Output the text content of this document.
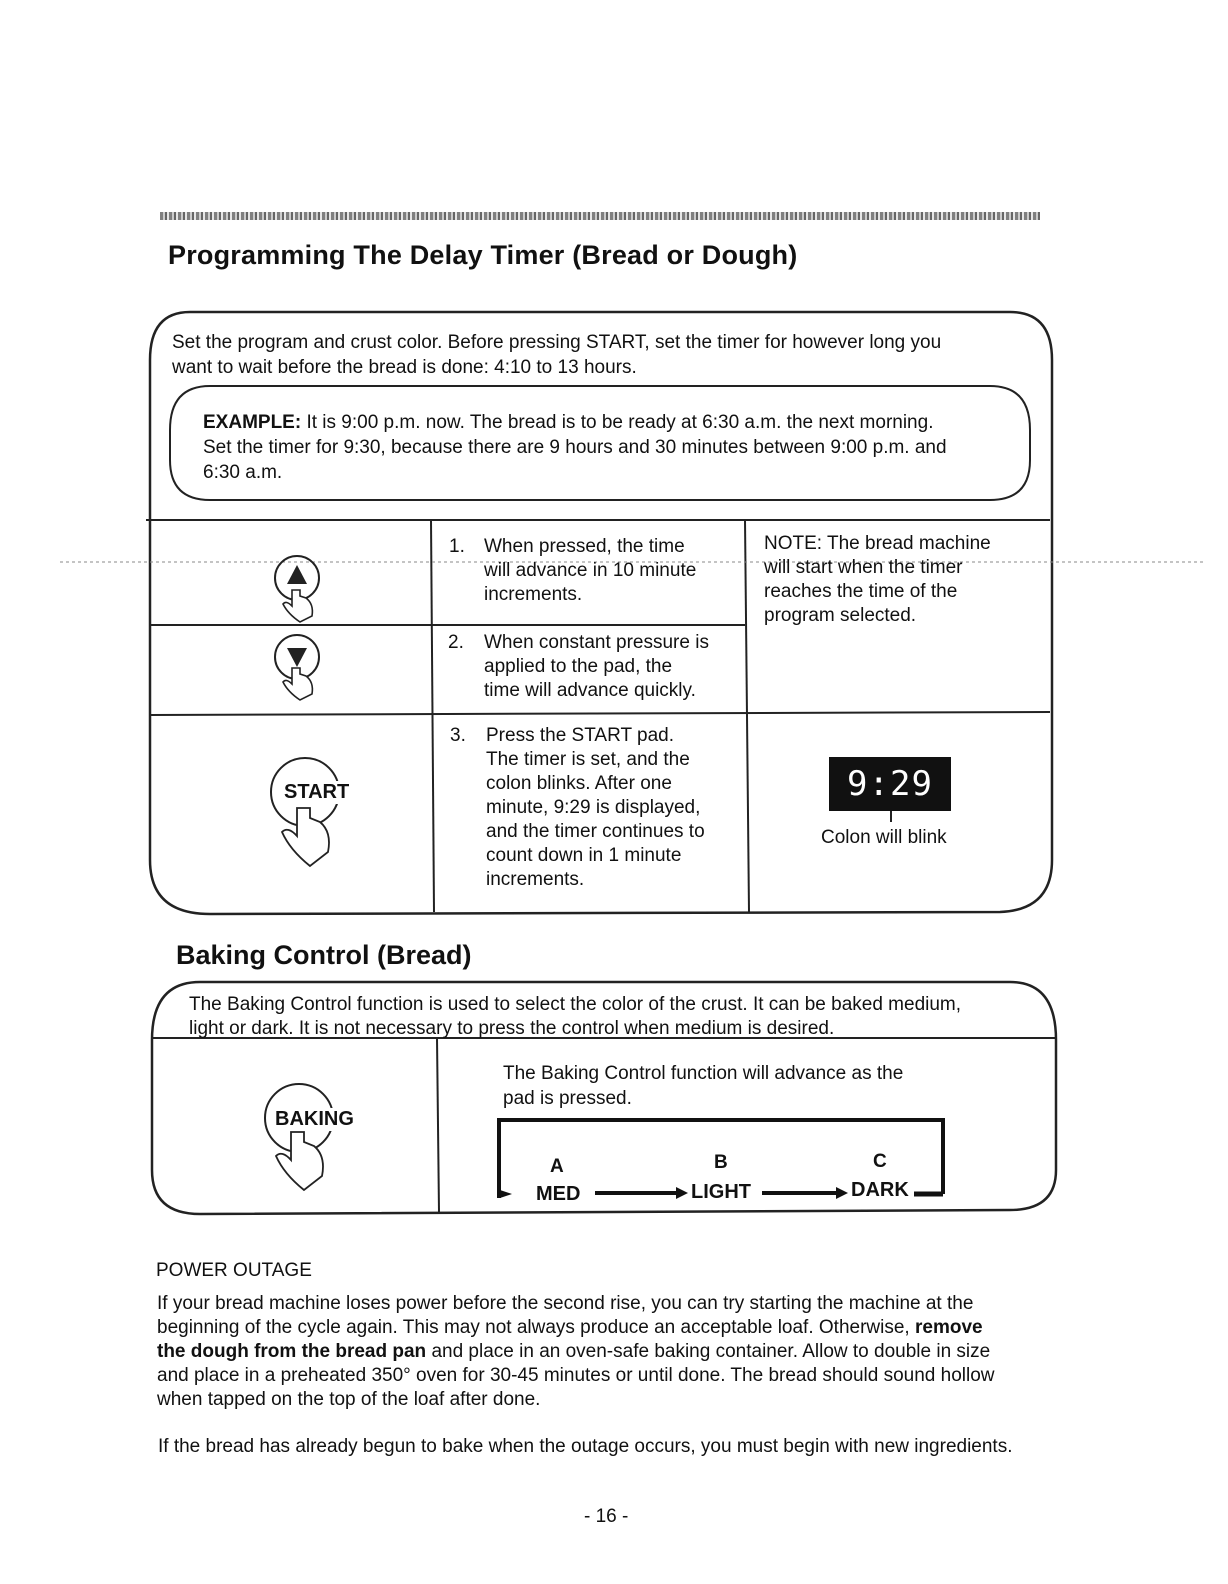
Programming The Delay Timer (Bread or Dough)
Set the program and crust color. Before pressing START, set the timer for however long you
want to wait before the bread is done: 4:10 to 13 hours.
EXAMPLE: It is 9:00 p.m. now. The bread is to be ready at 6:30 a.m. the next morning.
Set the timer for 9:30, because there are 9 hours and 30 minutes between 9:00 p.m. and
6:30 a.m.
1. When pressed, the time
will advance in 10 minute
increments.
2. When constant pressure is
applied to the pad, the
time will advance quickly.
3. Press the START pad.
The timer is set, and the
colon blinks. After one
minute, 9:29 is displayed,
and the timer continues to
count down in 1 minute
increments.
NOTE: The bread machine
will start when the timer
reaches the time of the
program selected.
9:29
Colon will blink
START
Baking Control (Bread)
The Baking Control function is used to select the color of the crust. It can be baked medium,
light or dark. It is not necessary to press the control when medium is desired.
The Baking Control function will advance as the
pad is pressed.
BAKING
A	B	C
MED	LIGHT	DARK
POWER OUTAGE
If your bread machine loses power before the second rise, you can try starting the machine at the
beginning of the cycle again. This may not always produce an acceptable loaf. Otherwise, remove
the dough from the bread pan and place in an oven-safe baking container. Allow to double in size
and place in a preheated 350° oven for 30-45 minutes or until done. The bread should sound hollow
when tapped on the top of the loaf after done.
If the bread has already begun to bake when the outage occurs, you must begin with new ingredients.
- 16 -
